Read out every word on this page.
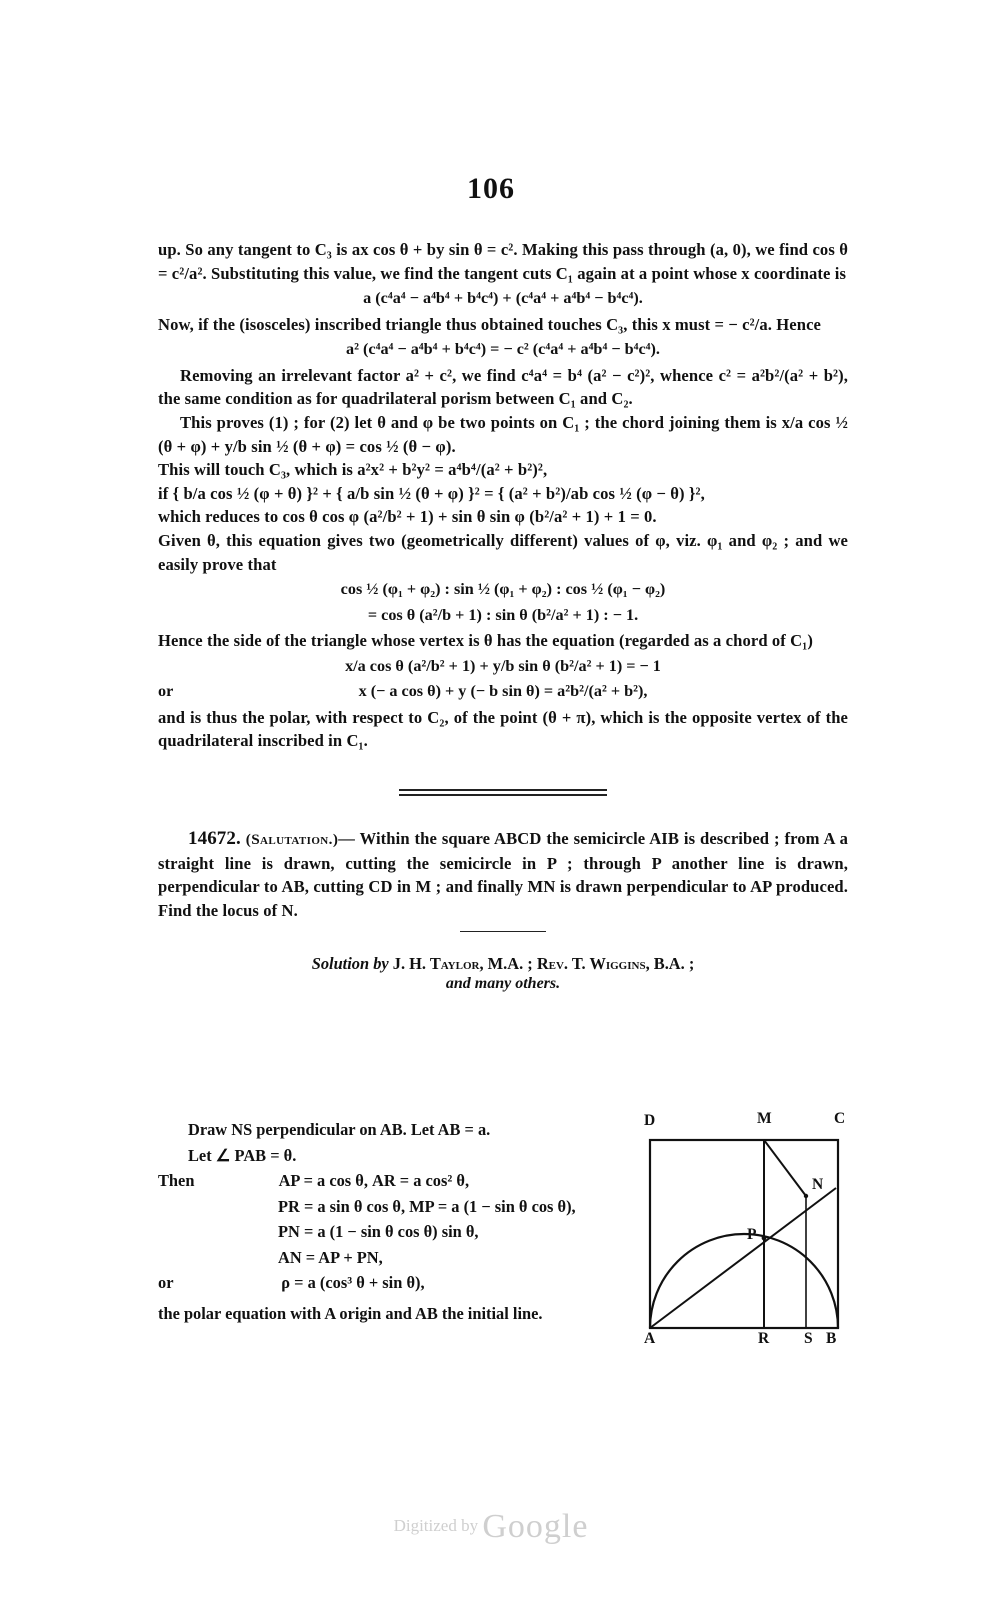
106

up. So any tangent to C₃ is ax cos θ + by sin θ = c². Making this pass through (a, 0), we find cos θ = c²/a². Substituting this value, we find the tangent cuts C₁ again at a point whose x coordinate is

a (c⁴a⁴ − a⁴b⁴ + b⁴c⁴) + (c⁴a⁴ + a⁴b⁴ − b⁴c⁴).

Now, if the (isosceles) inscribed triangle thus obtained touches C₃, this x must = − c²/a. Hence

a² (c⁴a⁴ − a⁴b⁴ + b⁴c⁴) = − c² (c⁴a⁴ + a⁴b⁴ − b⁴c⁴).

Removing an irrelevant factor a² + c², we find c⁴a⁴ = b⁴ (a² − c²)², whence c² = a²b²/(a² + b²), the same condition as for quadrilateral porism between C₁ and C₂.

This proves (1) ; for (2) let θ and φ be two points on C₁ ; the chord joining them is x/a cos ½ (θ + φ) + y/b sin ½ (θ + φ) = cos ½ (θ − φ).

This will touch C₃, which is a²x² + b²y² = a⁴b⁴/(a² + b²)²,

if { b/a cos ½ (φ + θ) }² + { a/b sin ½ (θ + φ) }² = { (a² + b²)/ab cos ½ (φ − θ) }²,

which reduces to cos θ cos φ (a²/b² + 1) + sin θ sin φ (b²/a² + 1) + 1 = 0.

Given θ, this equation gives two (geometrically different) values of φ, viz. φ₁ and φ₂ ; and we easily prove that

cos ½ (φ₁ + φ₂) : sin ½ (φ₁ + φ₂) : cos ½ (φ₁ − φ₂)
= cos θ (a²/b + 1) : sin θ (b²/a² + 1) : − 1.

Hence the side of the triangle whose vertex is θ has the equation (regarded as a chord of C₁)

x/a cos θ (a²/b² + 1) + y/b sin θ (b²/a² + 1) = − 1
or	x (− a cos θ) + y (− b sin θ) = a²b²/(a² + b²),

and is thus the polar, with respect to C₂, of the point (θ + π), which is the opposite vertex of the quadrilateral inscribed in C₁.

14672. (Salutation.)— Within the square ABCD the semicircle AIB is described ; from A a straight line is drawn, cutting the semicircle in P ; through P another line is drawn, perpendicular to AB, cutting CD in M ; and finally MN is drawn perpendicular to AP produced. Find the locus of N.

Solution by J. H. Taylor, M.A. ; Rev. T. Wiggins, B.A. ;
and many others.
Draw NS perpendicular on AB. Let AB = a.
Let ∠ PAB = θ.
Then	AP = a cos θ, AR = a cos² θ,
PR = a sin θ cos θ, MP = a (1 − sin θ cos θ),
PN = a (1 − sin θ cos θ) sin θ,
AN = AP + PN,
or	ρ = a (cos³ θ + sin θ),
the polar equation with A origin and AB the initial line.
D	M	C
N
P
A	R S B
Digitized by Google
